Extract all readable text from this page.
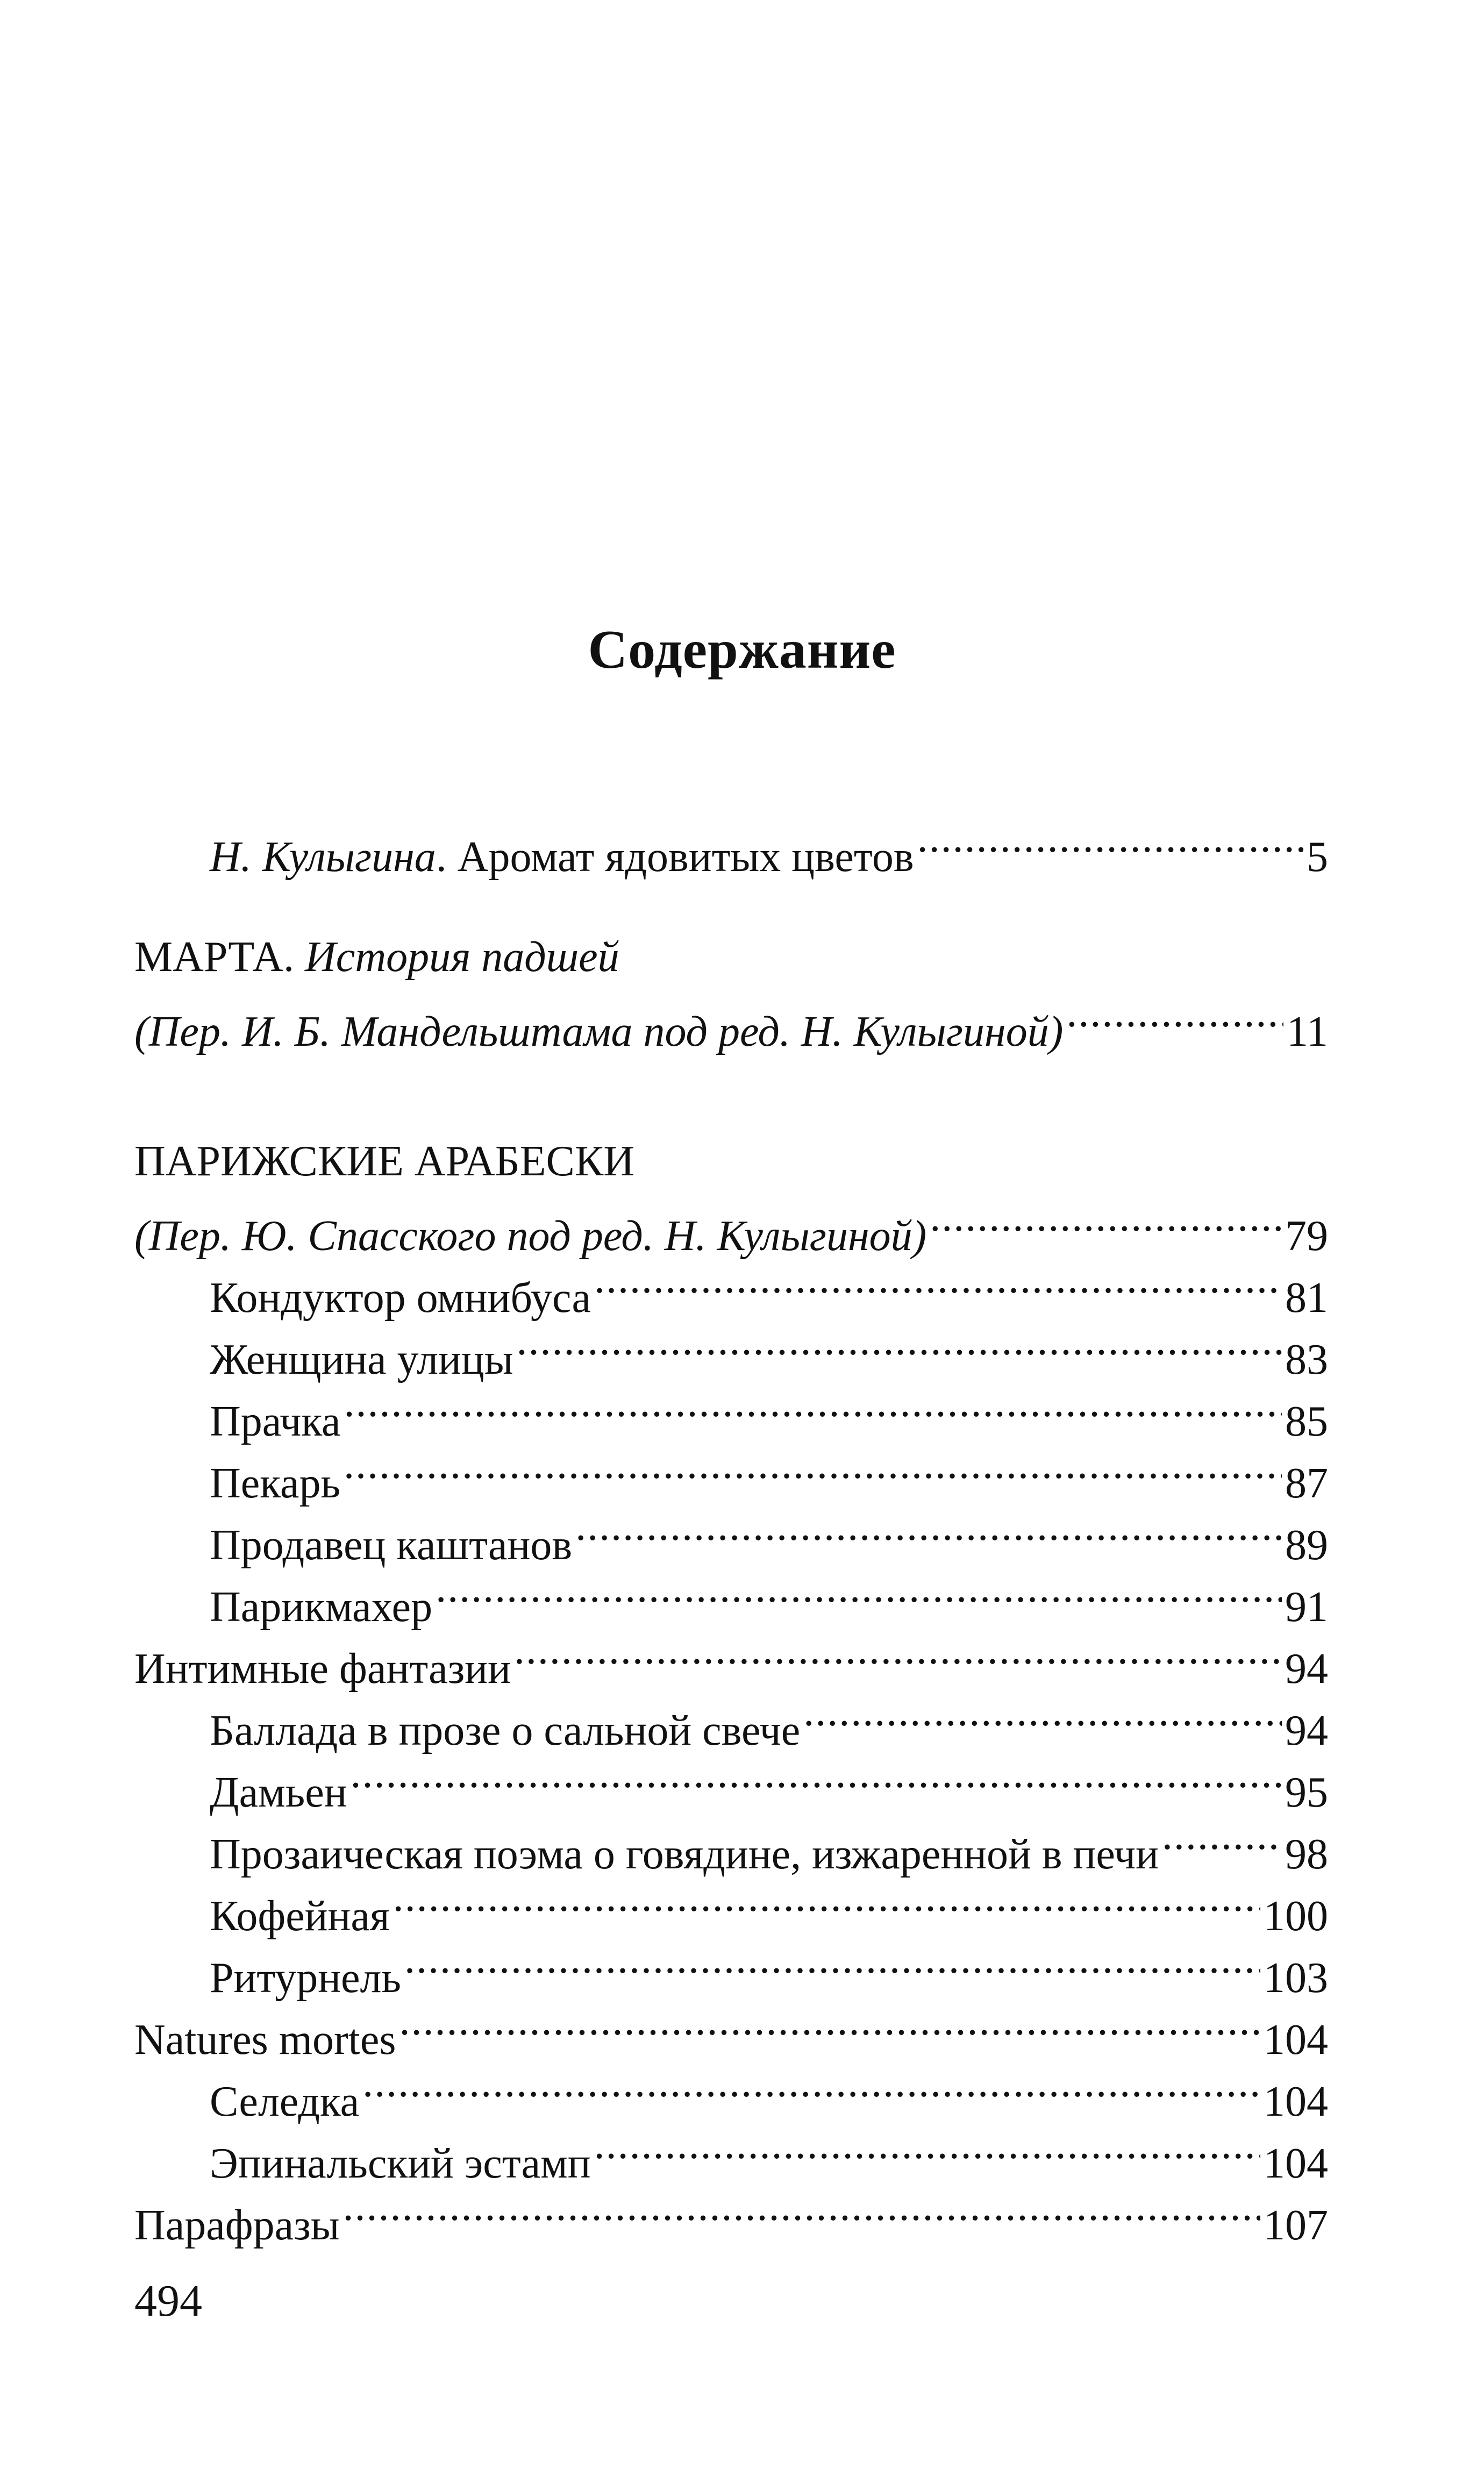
Содержание
Н. Кулыгина. Аромат ядовитых цветов .....	5
МАРТА. История падшей
(Пер. И. Б. Мандельштама под ред. Н. Кулыгиной) .....	11
ПАРИЖСКИЕ АРАБЕСКИ
(Пер. Ю. Спасского под ред. Н. Кулыгиной) .....	79
Кондуктор омнибуса .....	81
Женщина улицы .....	83
Прачка .....	85
Пекарь .....	87
Продавец каштанов .....	89
Парикмахер .....	91
Интимные фантазии .....	94
Баллада в прозе о сальной свече .....	94
Дамьен .....	95
Прозаическая поэма о говядине, изжаренной в печи .....	98
Кофейная .....	100
Ритурнель .....	103
Natures mortes .....	104
Селедка .....	104
Эпинальский эстамп .....	104
Парафразы .....	107
494
